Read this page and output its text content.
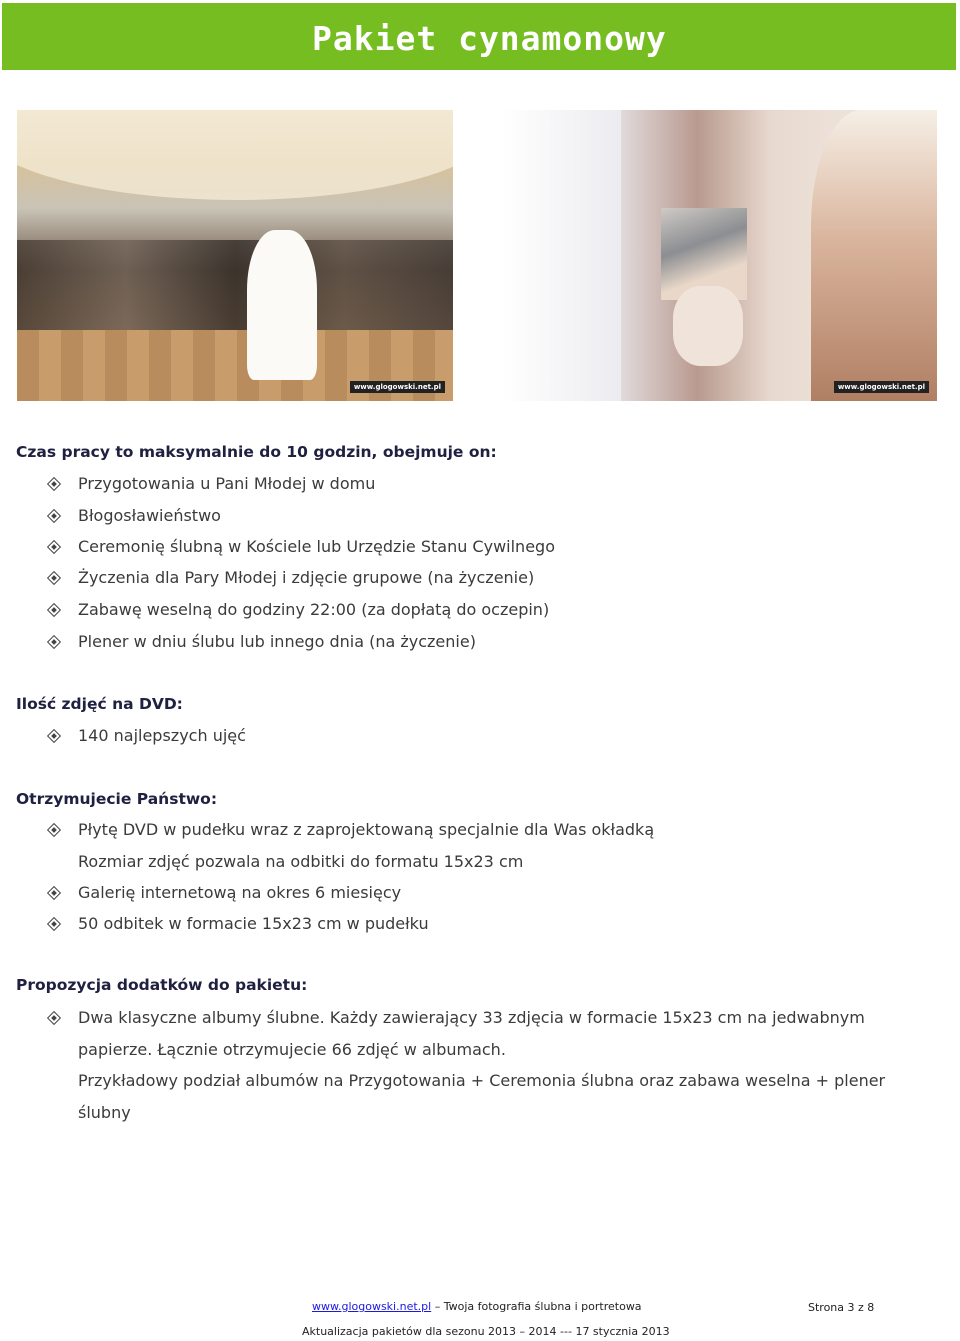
Pakiet cynamonowy
www.glogowski.net.pl	www.glogowski.net.pl
Czas pracy to maksymalnie do 10 godzin, obejmuje on:
Przygotowania u Pani Młodej w domu
Błogosławieństwo
Ceremonię ślubną w Kościele lub Urzędzie Stanu Cywilnego
Życzenia dla Pary Młodej i zdjęcie grupowe (na życzenie)
Zabawę weselną do godziny 22:00 (za dopłatą do oczepin)
Plener w dniu ślubu lub innego dnia (na życzenie)
Ilość zdjęć na DVD:
140 najlepszych ujęć
Otrzymujecie Państwo:
Płytę DVD w pudełku wraz z zaprojektowaną specjalnie dla Was okładką
Rozmiar zdjęć pozwala na odbitki do formatu 15x23 cm
Galerię internetową na okres 6 miesięcy
50 odbitek w formacie 15x23 cm w pudełku
Propozycja dodatków do pakietu:
Dwa klasyczne albumy ślubne. Każdy zawierający 33 zdjęcia w formacie 15x23 cm na jedwabnym
papierze. Łącznie otrzymujecie 66 zdjęć w albumach.
Przykładowy podział albumów na Przygotowania + Ceremonia ślubna oraz zabawa weselna + plener
ślubny
www.glogowski.net.pl – Twoja fotografia ślubna i portretowa	Strona 3 z 8
Aktualizacja pakietów dla sezonu 2013 – 2014 --- 17 stycznia 2013
